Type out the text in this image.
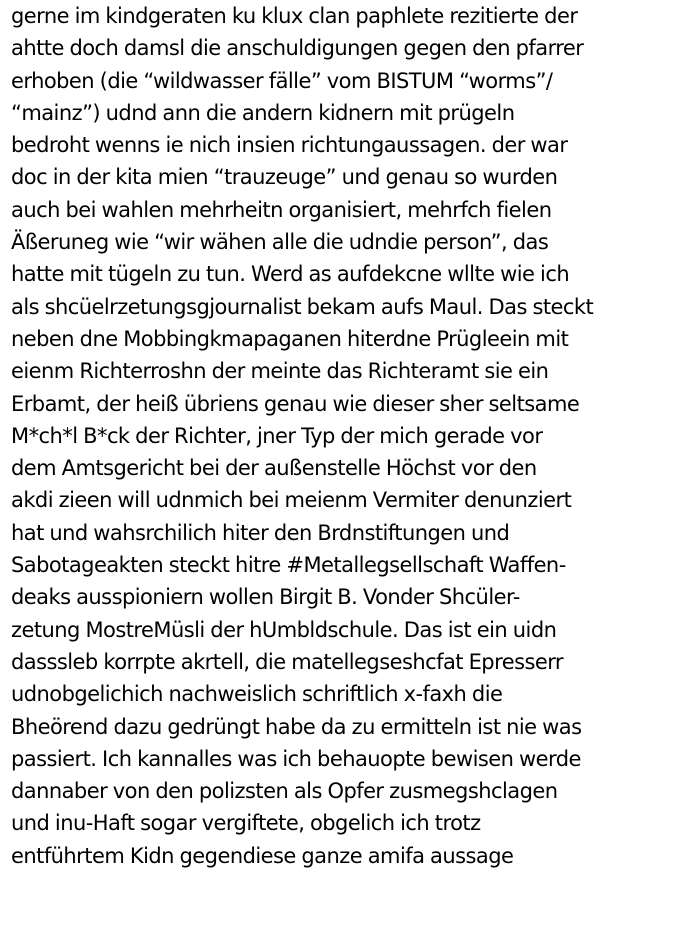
gerne im kindgeraten ku klux clan paphlete rezitierte der
ahtte doch damsl die anschuldigungen gegen den pfarrer
erhoben (die “wildwasser fälle” vom BISTUM “worms”/
“mainz”) udnd ann die andern kidnern mit prügeln
bedroht wenns ie nich insien richtungaussagen. der war
doc in der kita mien “trauzeuge” und genau so wurden
auch bei wahlen mehrheitn organisiert, mehrfch fielen
Äßeruneg wie “wir wähen alle die udndie person”, das
hatte mit tügeln zu tun. Werd as aufdekcne wllte wie ich
als shcüelrzetungsgjournalist bekam aufs Maul. Das steckt
neben dne Mobbingkmapaganen hiterdne Prügleein mit
eienm Richterroshn der meinte das Richteramt sie ein
Erbamt, der heiß übriens genau wie dieser sher seltsame
M*ch*l B*ck der Richter, jner Typ der mich gerade vor
dem Amtsgericht bei der außenstelle Höchst vor den
akdi zieen will udnmich bei meienm Vermiter denunziert
hat und wahsrchilich hiter den Brdnstiftungen und
Sabotageakten steckt hitre #Metallegsellschaft Waffen-
deaks ausspioniern wollen Birgit B. Vonder Shcüler-
zetung MostreMüsli der hUmbldschule. Das ist ein uidn
dasssleb korrpte akrtell, die matellegseshcfat Epresserr
udnobgelichich nachweislich schriftlich x-faxh die
Bheörend dazu gedrüngt habe da zu ermitteln ist nie was
passiert. Ich kannalles was ich behauopte bewisen werde
dannaber von den polizsten als Opfer zusmegshclagen
und inu-Haft sogar vergiftete, obgelich ich trotz
entführtem Kidn gegendiese ganze amifa aussage
